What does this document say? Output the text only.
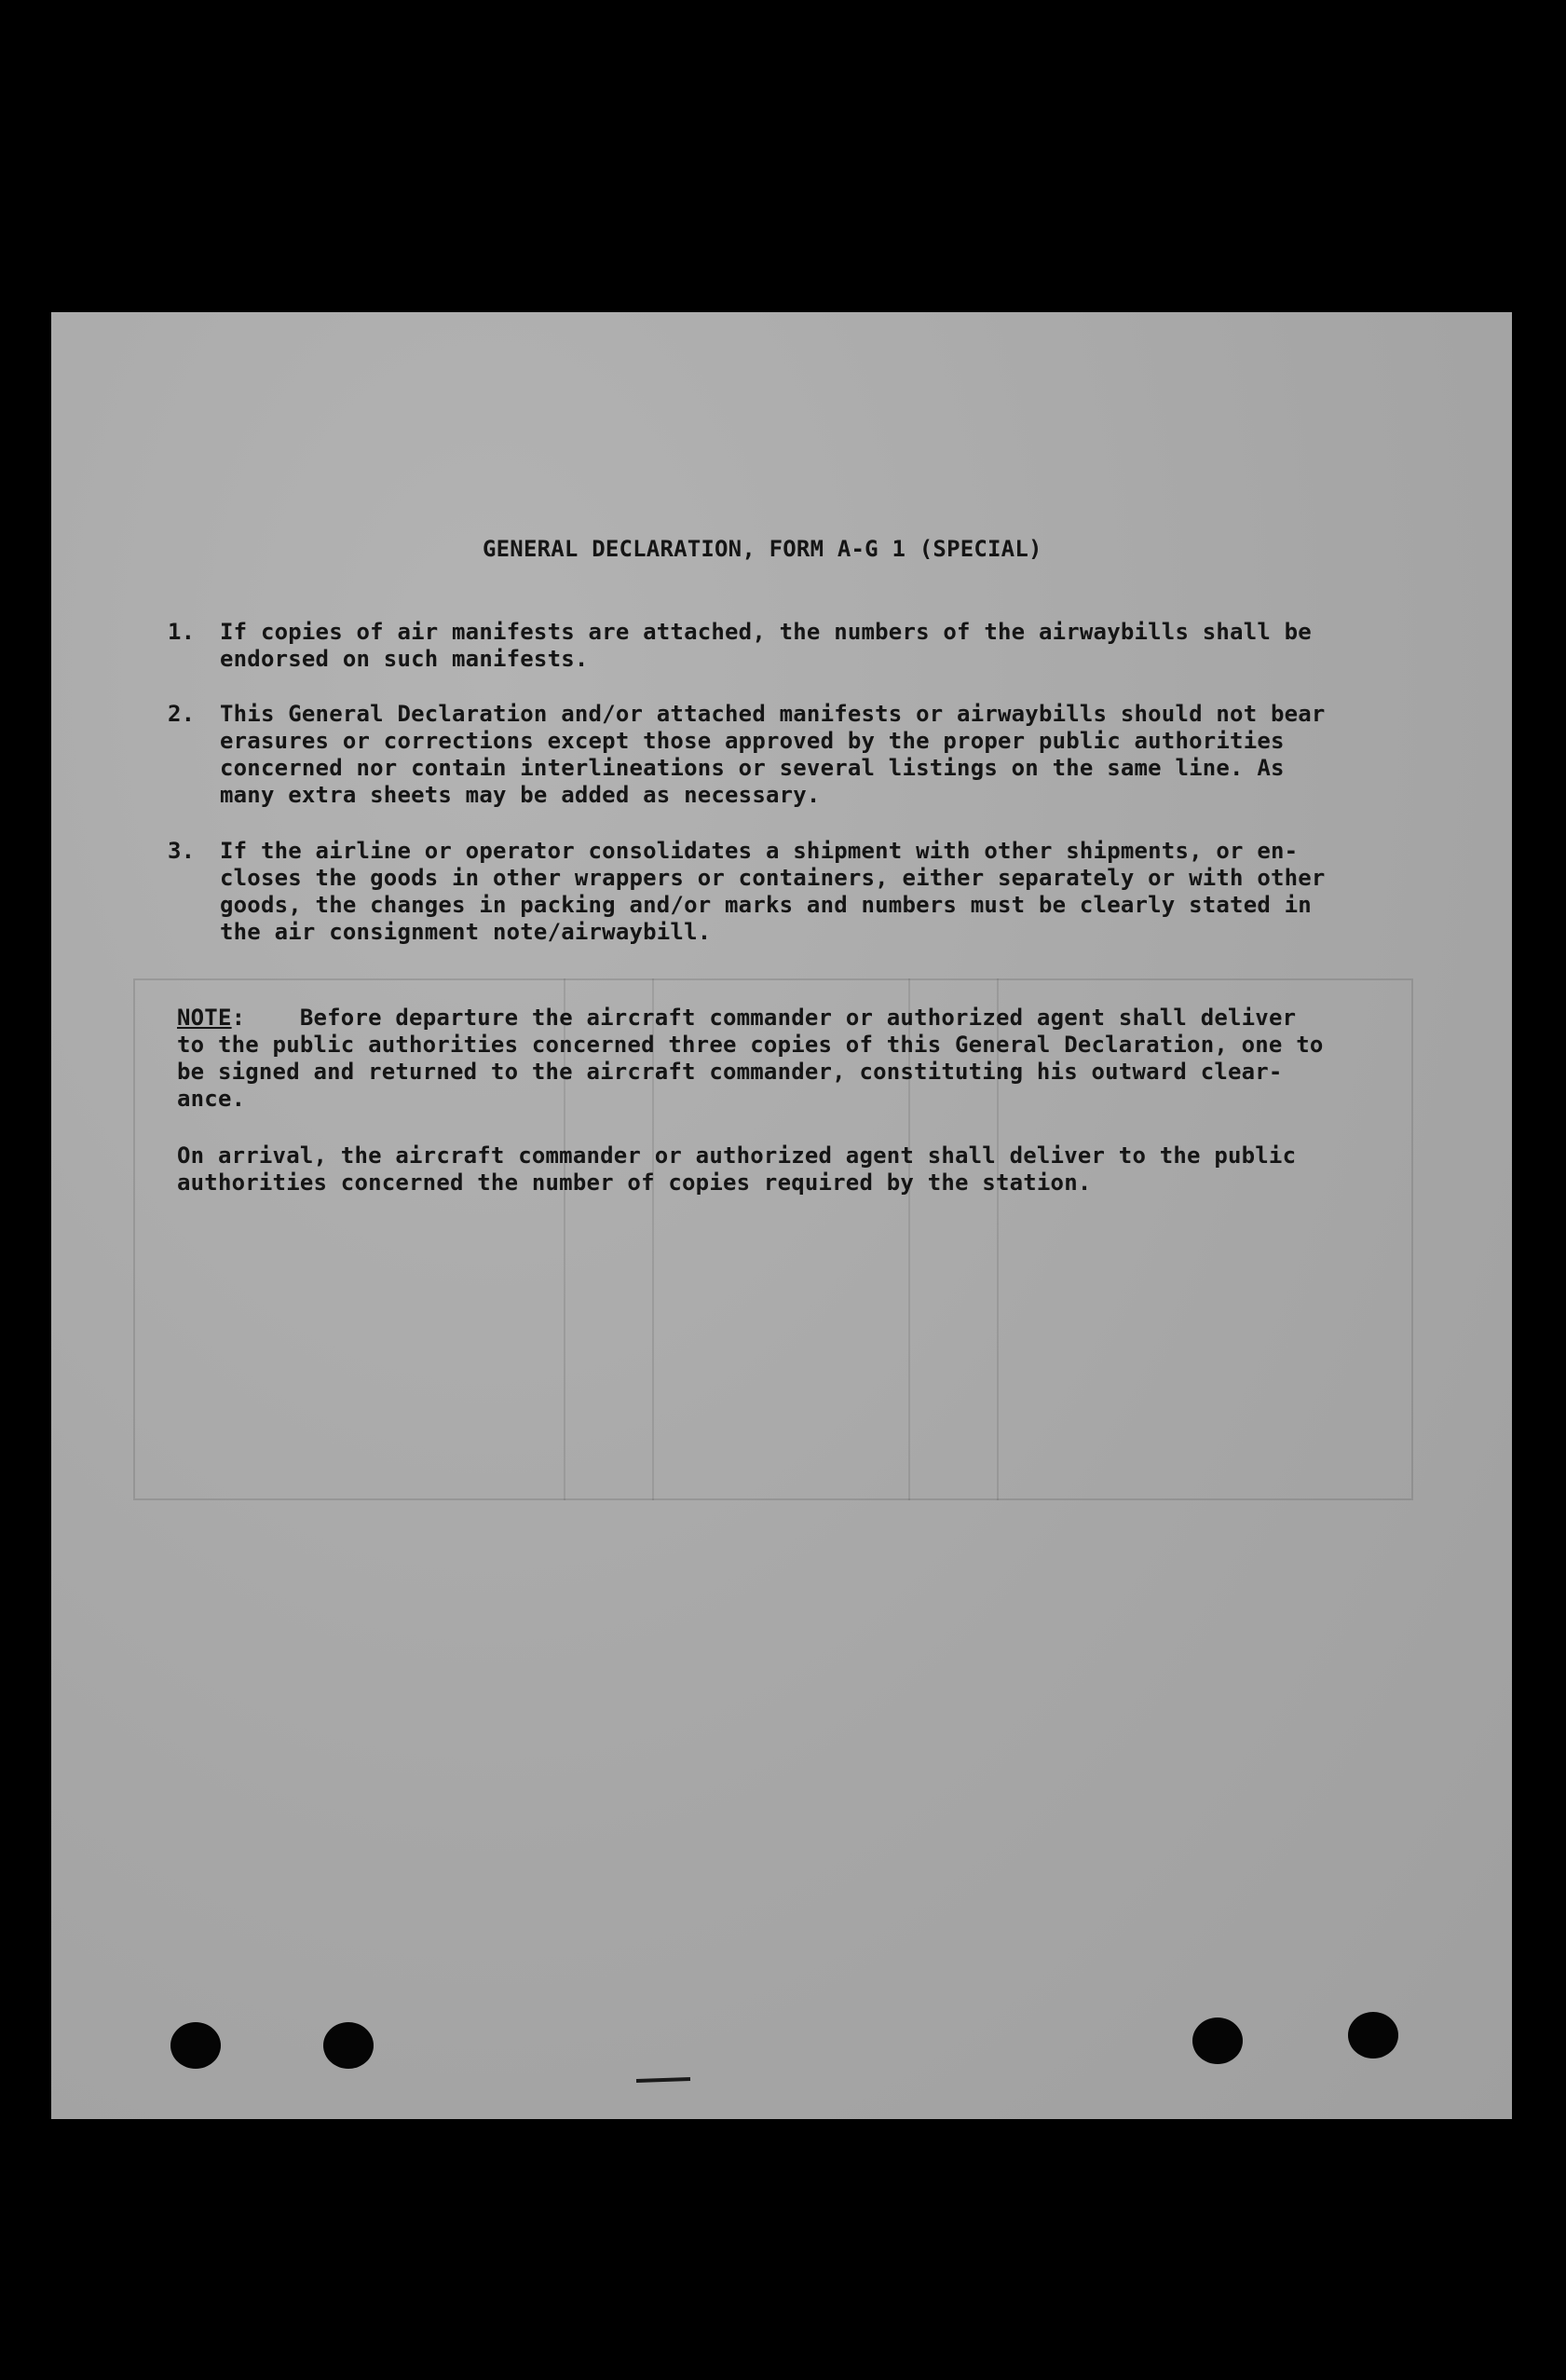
GENERAL DECLARATION, FORM A-G 1 (SPECIAL)
1. If copies of air manifests are attached, the numbers of the airwaybills shall be
endorsed on such manifests.
2. This General Declaration and/or attached manifests or airwaybills should not bear
erasures or corrections except those approved by the proper public authorities
concerned nor contain interlineations or several listings on the same line. As
many extra sheets may be added as necessary.
3. If the airline or operator consolidates a shipment with other shipments, or en-
closes the goods in other wrappers or containers, either separately or with other
goods, the changes in packing and/or marks and numbers must be clearly stated in
the air consignment note/airwaybill.
NOTE:    Before departure the aircraft commander or authorized agent shall deliver
to the public authorities concerned three copies of this General Declaration, one to
be signed and returned to the aircraft commander, constituting his outward clear-
ance.
On arrival, the aircraft commander or authorized agent shall deliver to the public
authorities concerned the number of copies required by the station.
